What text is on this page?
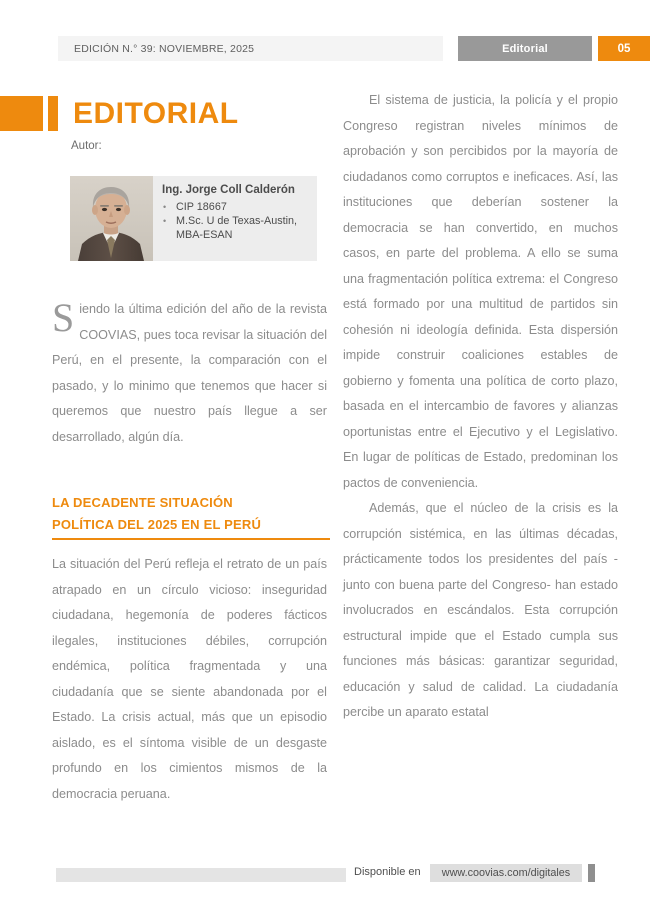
EDICIÓN N.° 39: NOVIEMBRE, 2025	Editorial	05
EDITORIAL
Autor:
Ing. Jorge Coll Calderón
• CIP 18667
• M.Sc. U de Texas-Austin, MBA-ESAN

Siendo la última edición del año de la revista COOVIAS, pues toca revisar la situación del Perú, en el presente, la comparación con el pasado, y lo minimo que tenemos que hacer si queremos que nuestro país llegue a ser desarrollado, algún día.

LA DECADENTE SITUACIÓN
POLÍTICA DEL 2025 EN EL PERÚ

La situación del Perú refleja el retrato de un país atrapado en un círculo vicioso: inseguridad ciudadana, hegemonía de poderes fácticos ilegales, instituciones débiles, corrupción endémica, política fragmentada y una ciudadanía que se siente abandonada por el Estado. La crisis actual, más que un episodio aislado, es el síntoma visible de un desgaste profundo en los cimientos mismos de la democracia peruana.

El sistema de justicia, la policía y el propio Congreso registran niveles mínimos de aprobación y son percibidos por la mayoría de ciudadanos como corruptos e ineficaces. Así, las instituciones que deberían sostener la democracia se han convertido, en muchos casos, en parte del problema. A ello se suma una fragmentación política extrema: el Congreso está formado por una multitud de partidos sin cohesión ni ideología definida. Esta dispersión impide construir coaliciones estables de gobierno y fomenta una política de corto plazo, basada en el intercambio de favores y alianzas oportunistas entre el Ejecutivo y el Legislativo. En lugar de políticas de Estado, predominan los pactos de conveniencia.

Además, que el núcleo de la crisis es la corrupción sistémica, en las últimas décadas, prácticamente todos los presidentes del país -junto con buena parte del Congreso- han estado involucrados en escándalos. Esta corrupción estructural impide que el Estado cumpla sus funciones más básicas: garantizar seguridad, educación y salud de calidad. La ciudadanía percibe un aparato estatal

Disponible en www.coovias.com/digitales
